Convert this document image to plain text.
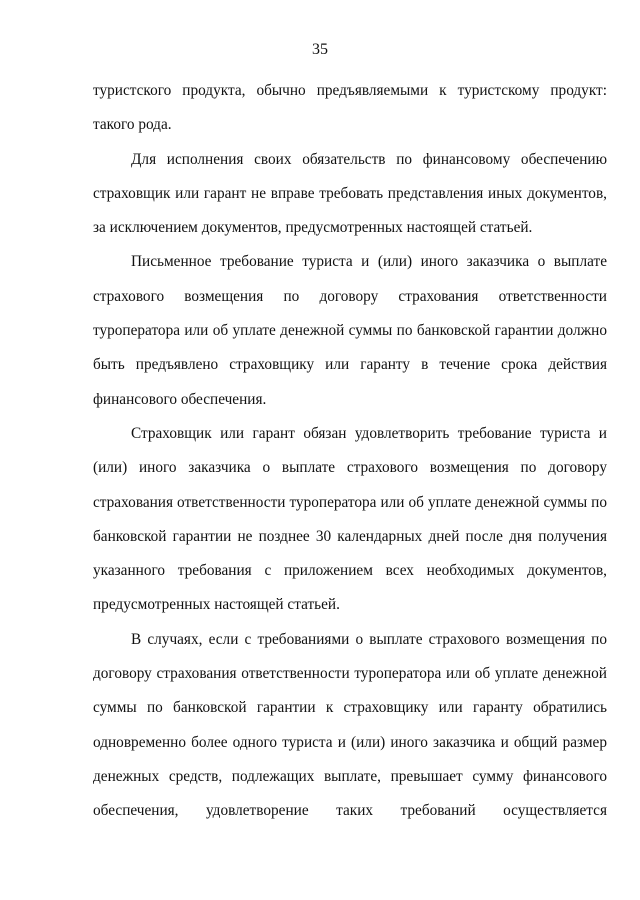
35
туристского продукта, обычно предъявляемыми к туристскому продукт:
такого рода.
Для исполнения своих обязательств по финансовому обеспечению
страховщик или гарант не вправе требовать представления иных документов,
за исключением документов, предусмотренных настоящей статьей.
Письменное требование туриста и (или) иного заказчика о выплате
страхового возмещения по договору страхования ответственности
туроператора или об уплате денежной суммы по банковской гарантии должно
быть предъявлено страховщику или гаранту в течение срока действия
финансового обеспечения.
Страховщик или гарант обязан удовлетворить требование туриста и
(или) иного заказчика о выплате страхового возмещения по договору
страхования ответственности туроператора или об уплате денежной суммы по
банковской гарантии не позднее 30 календарных дней после дня получения
указанного требования с приложением всех необходимых документов,
предусмотренных настоящей статьей.
В случаях, если с требованиями о выплате страхового возмещения по
договору страхования ответственности туроператора или об уплате денежной
суммы по банковской гарантии к страховщику или гаранту обратились
одновременно более одного туриста и (или) иного заказчика и общий размер
денежных средств, подлежащих выплате, превышает сумму финансового
обеспечения, удовлетворение таких требований осуществляется
